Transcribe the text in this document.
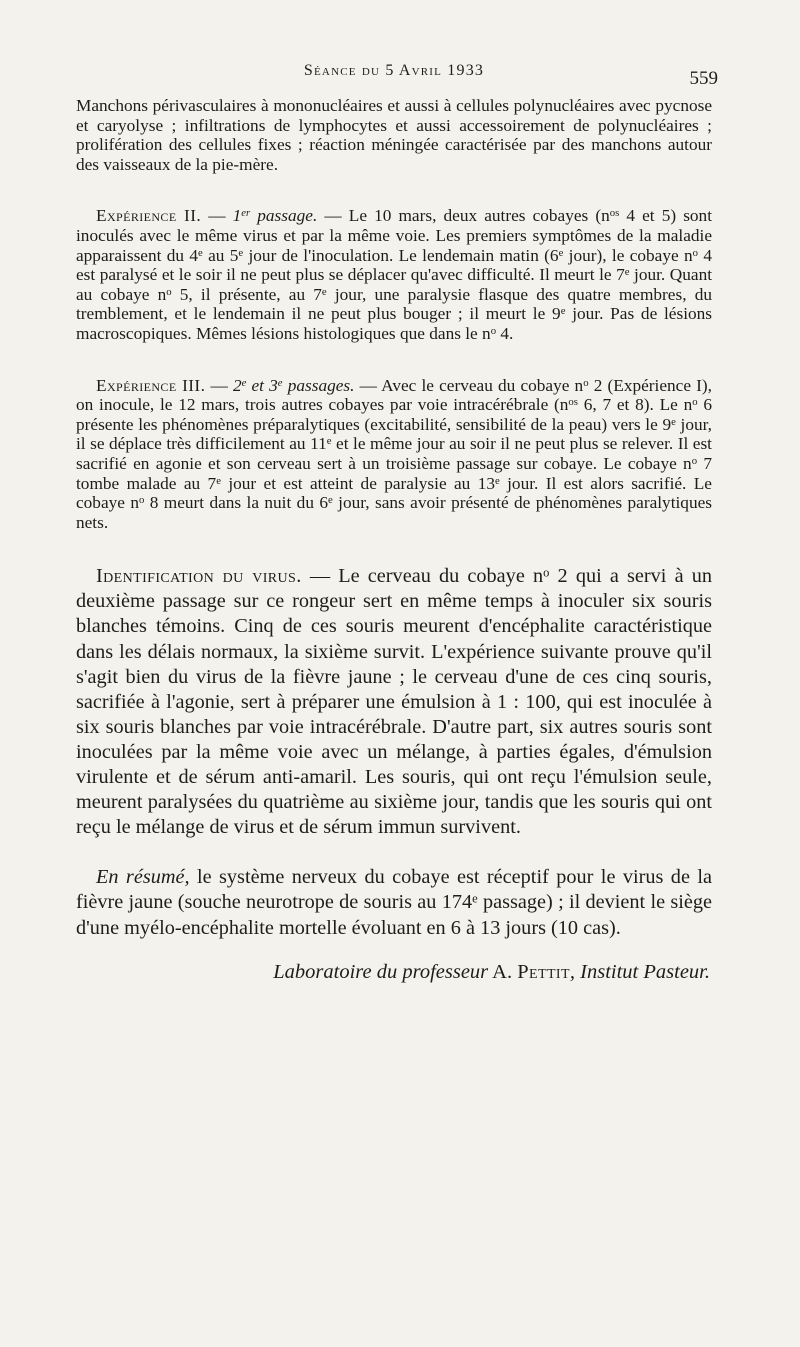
Séance du 5 Avril 1933	559

Manchons périvasculaires à mononucléaires et aussi à cellules polynucléaires avec pycnose et caryolyse ; infiltrations de lymphocytes et aussi accessoirement de polynucléaires ; prolifération des cellules fixes ; réaction méningée caractérisée par des manchons autour des vaisseaux de la pie-mère.

Expérience II. — 1er passage. — Le 10 mars, deux autres cobayes ($n^{os}$ 4 et 5) sont inoculés avec le même virus et par la même voie. Les premiers symptômes de la maladie apparaissent du 4e au 5e jour de l'inoculation. Le lendemain matin (6e jour), le cobaye $n^o$ 4 est paralysé et le soir il ne peut plus se déplacer qu'avec difficulté. Il meurt le 7e jour. Quant au cobaye $n^o$ 5, il présente, au 7e jour, une paralysie flasque des quatre membres, du tremblement, et le lendemain il ne peut plus bouger ; il meurt le 9e jour. Pas de lésions macroscopiques. Mêmes lésions histologiques que dans le $n^o$ 4.

Expérience III. — 2e et 3e passages. — Avec le cerveau du cobaye $n^o$ 2 (Expérience I), on inocule, le 12 mars, trois autres cobayes par voie intracérébrale ($n^{os}$ 6, 7 et 8). Le $n^o$ 6 présente les phénomènes préparalytiques (excitabilité, sensibilité de la peau) vers le 9e jour, il se déplace très difficilement au 11e et le même jour au soir il ne peut plus se relever. Il est sacrifié en agonie et son cerveau sert à un troisième passage sur cobaye. Le cobaye $n^o$ 7 tombe malade au 7e jour et est atteint de paralysie au 13e jour. Il est alors sacrifié. Le cobaye $n^o$ 8 meurt dans la nuit du 6e jour, sans avoir présenté de phénomènes paralytiques nets.

Identification du virus. — Le cerveau du cobaye $n^o$ 2 qui a servi à un deuxième passage sur ce rongeur sert en même temps à inoculer six souris blanches témoins. Cinq de ces souris meurent d'encéphalite caractéristique dans les délais normaux, la sixième survit. L'expérience suivante prouve qu'il s'agit bien du virus de la fièvre jaune ; le cerveau d'une de ces cinq souris, sacrifiée à l'agonie, sert à préparer une émulsion à 1 : 100, qui est inoculée à six souris blanches par voie intracérébrale. D'autre part, six autres souris sont inoculées par la même voie avec un mélange, à parties égales, d'émulsion virulente et de sérum anti-amaril. Les souris, qui ont reçu l'émulsion seule, meurent paralysées du quatrième au sixième jour, tandis que les souris qui ont reçu le mélange de virus et de sérum immun survivent.

En résumé, le système nerveux du cobaye est réceptif pour le virus de la fièvre jaune (souche neurotrope de souris au 174e passage) ; il devient le siège d'une myélo-encéphalite mortelle évoluant en 6 à 13 jours (10 cas).

Laboratoire du professeur A. Pettit, Institut Pasteur.
